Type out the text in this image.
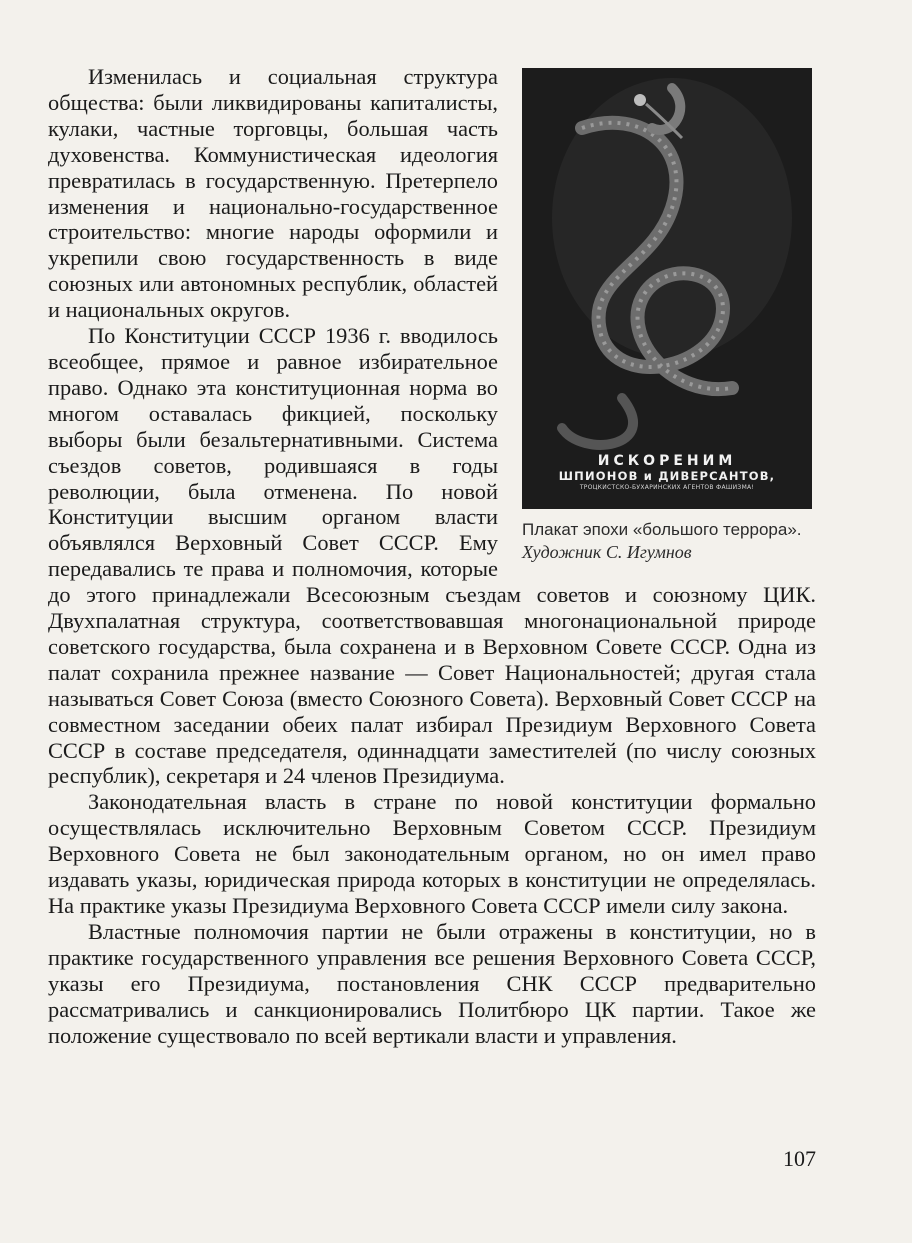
ИСКОРЕНИМ
ШПИОНОВ и ДИВЕРСАНТОВ,
ТРОЦКИСТСКО-БУХАРИНСКИХ АГЕНТОВ ФАШИЗМА!
Плакат эпохи «большого террора». Художник С. Игумнов

Изменилась и социальная структура общества: были ликвидированы капиталисты, кулаки, частные торговцы, большая часть духовенства. Коммунистическая идеология превратилась в государственную. Претерпело изменения и национально-государственное строительство: многие народы оформили и укрепили свою государственность в виде союзных или автономных республик, областей и национальных округов.

По Конституции СССР 1936 г. вводилось всеобщее, прямое и равное избирательное право. Однако эта конституционная норма во многом оставалась фикцией, поскольку выборы были безальтернативными. Система съездов советов, родившаяся в годы революции, была отменена. По новой Конституции высшим органом власти объявлялся Верховный Совет СССР. Ему передавались те права и полномочия, которые до этого принадлежали Всесоюзным съездам советов и союзному ЦИК. Двухпалатная структура, соответствовавшая многонациональной природе советского государства, была сохранена и в Верховном Совете СССР. Одна из палат сохранила прежнее название — Совет Национальностей; другая стала называться Совет Союза (вместо Союзного Совета). Верховный Совет СССР на совместном заседании обеих палат избирал Президиум Верховного Совета СССР в составе председателя, одиннадцати заместителей (по числу союзных республик), секретаря и 24 членов Президиума.

Законодательная власть в стране по новой конституции формально осуществлялась исключительно Верховным Советом СССР. Президиум Верховного Совета не был законодательным органом, но он имел право издавать указы, юридическая природа которых в конституции не определялась. На практике указы Президиума Верховного Совета СССР имели силу закона.

Властные полномочия партии не были отражены в конституции, но в практике государственного управления все решения Верховного Совета СССР, указы его Президиума, постановления СНК СССР предварительно рассматривались и санкционировались Политбюро ЦК партии. Такое же положение существовало по всей вертикали власти и управления.

107
